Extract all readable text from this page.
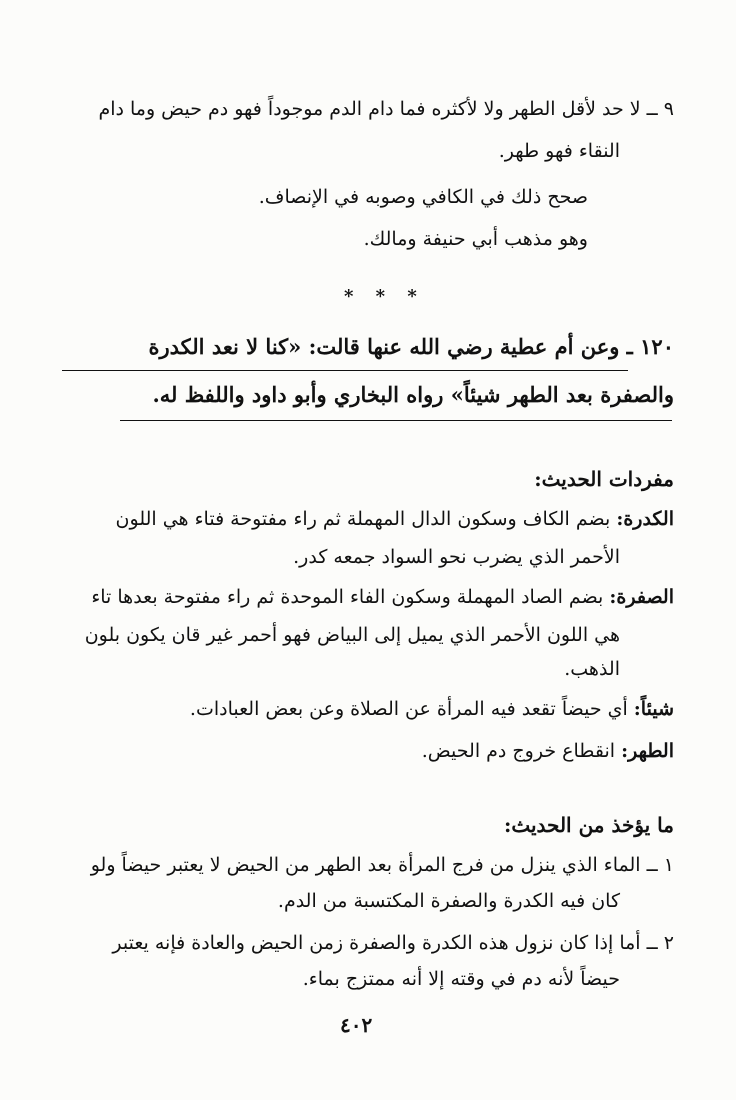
٩ ــ لا حد لأقل الطهر ولا لأكثره فما دام الدم موجوداً فهو دم حيض وما دام
النقاء فهو طهر.
صحح ذلك في الكافي وصوبه في الإنصاف.
وهو مذهب أبي حنيفة ومالك.
* * *
١٢٠ ـ وعن أم عطية رضي الله عنها قالت: «كنا لا نعد الكدرة
والصفرة بعد الطهر شيئاً» رواه البخاري وأبو داود واللفظ له.
مفردات الحديث:
الكدرة: بضم الكاف وسكون الدال المهملة ثم راء مفتوحة فتاء هي اللون
الأحمر الذي يضرب نحو السواد جمعه كدر.
الصفرة: بضم الصاد المهملة وسكون الفاء الموحدة ثم راء مفتوحة بعدها تاء
هي اللون الأحمر الذي يميل إلى البياض فهو أحمر غير قان يكون بلون
الذهب.
شيئاً: أي حيضاً تقعد فيه المرأة عن الصلاة وعن بعض العبادات.
الطهر: انقطاع خروج دم الحيض.
ما يؤخذ من الحديث:
١ ــ الماء الذي ينزل من فرج المرأة بعد الطهر من الحيض لا يعتبر حيضاً ولو
كان فيه الكدرة والصفرة المكتسبة من الدم.
٢ ــ أما إذا كان نزول هذه الكدرة والصفرة زمن الحيض والعادة فإنه يعتبر
حيضاً لأنه دم في وقته إلا أنه ممتزج بماء.
٤٠٢
